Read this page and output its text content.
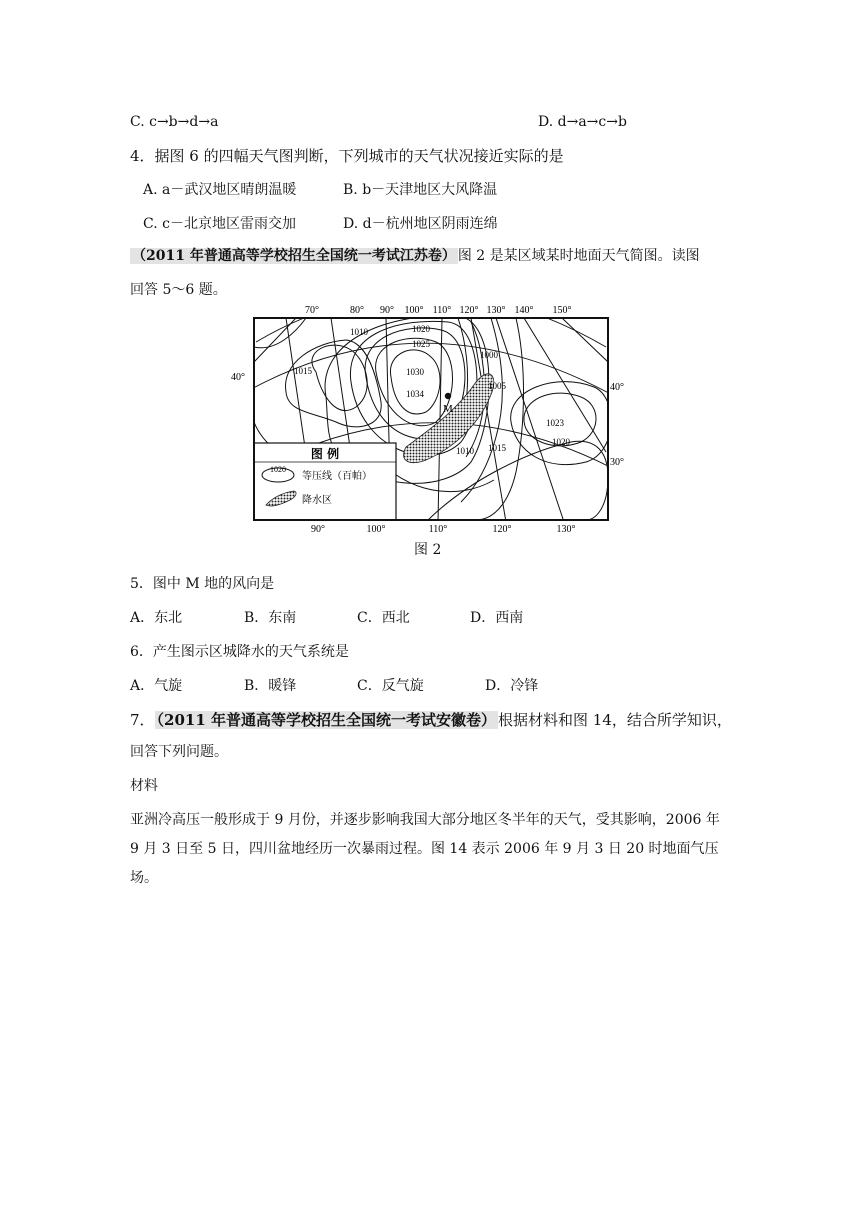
C. c→b→d→a	D. d→a→c→b
4．据图 6 的四幅天气图判断，下列城市的天气状况接近实际的是
A. a－武汉地区晴朗温暖	B. b－天津地区大风降温
C. c－北京地区雷雨交加	D. d－杭州地区阴雨连绵
（2011 年普通高等学校招生全国统一考试江苏卷） 图 2 是某区域某时地面天气简图。读图
回答 5～6 题。
70°	80° 90° 100° 110° 120° 130° 140° 150°
40°
40°
30°
90°	100°	110°	120°	130°
M
1010	1020
1025
1000
1015	1030
1034
1005
1023
1020
1010 1015
图 例
1020
等压线（百帕）
降水区
图 2
5．图中 M 地的风向是
A．东北	B．东南	C．西北	D．西南
6．产生图示区城降水的天气系统是
A．气旋	B．暖锋	C．反气旋	D．冷锋
7． （2011 年普通高等学校招生全国统一考试安徽卷） 根据材料和图 14，结合所学知识，
回答下列问题。
材料
亚洲冷高压一般形成于 9 月份，并逐步影响我国大部分地区冬半年的天气，受其影响，2006 年 9 月 3 日至 5 日，四川盆地经历一次暴雨过程。图 14 表示 2006 年 9 月 3 日 20 时地面气压场。
